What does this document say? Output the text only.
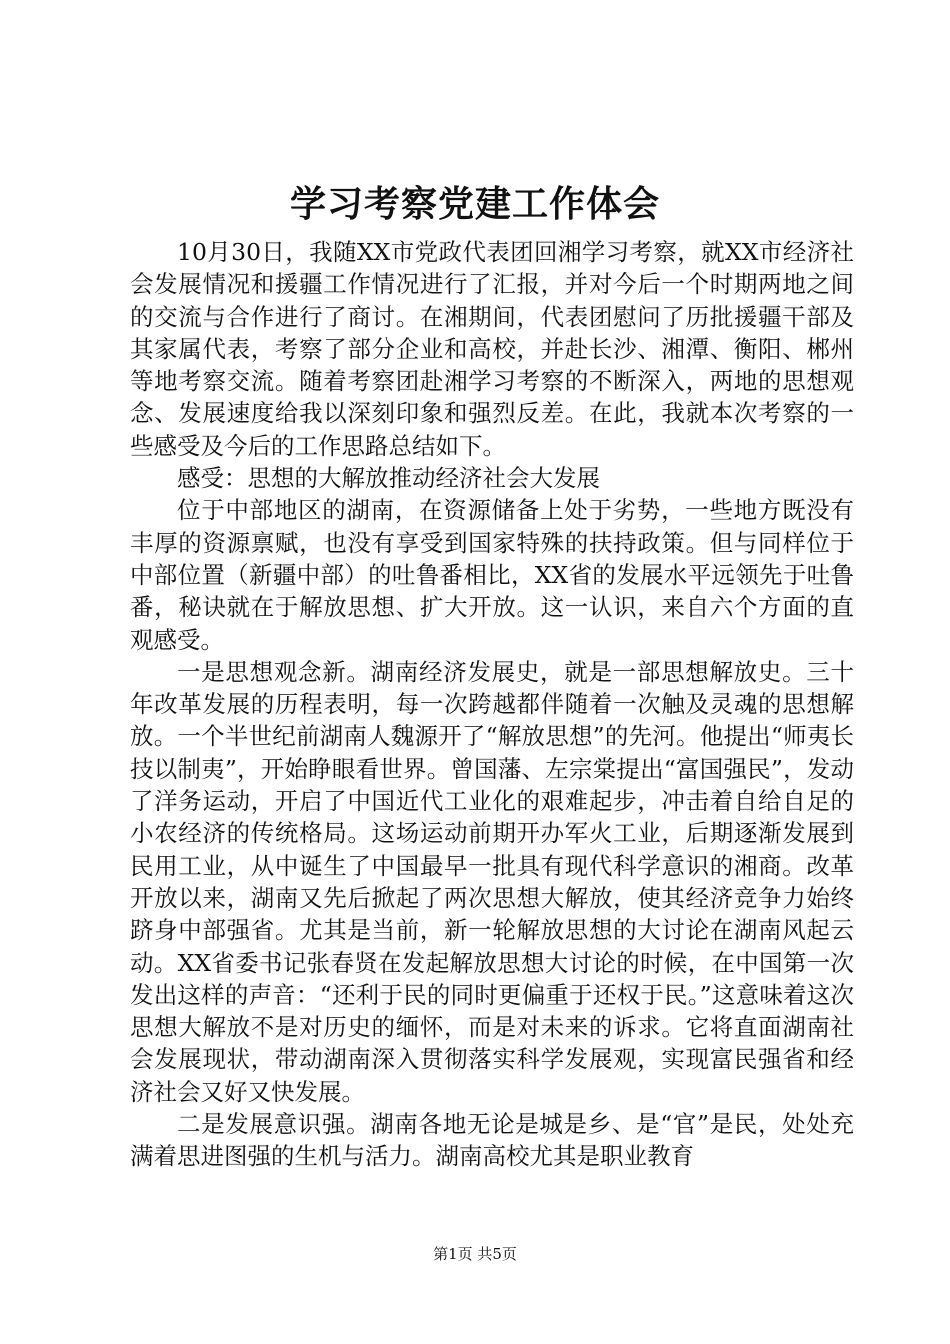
学习考察党建工作体会

10月30日，我随XX市党政代表团回湘学习考察，就XX市经济社会发展情况和援疆工作情况进行了汇报，并对今后一个时期两地之间的交流与合作进行了商讨。在湘期间，代表团慰问了历批援疆干部及其家属代表，考察了部分企业和高校，并赴长沙、湘潭、衡阳、郴州等地考察交流。随着考察团赴湘学习考察的不断深入，两地的思想观念、发展速度给我以深刻印象和强烈反差。在此，我就本次考察的一些感受及今后的工作思路总结如下。

感受：思想的大解放推动经济社会大发展

位于中部地区的湖南，在资源储备上处于劣势，一些地方既没有丰厚的资源禀赋，也没有享受到国家特殊的扶持政策。但与同样位于中部位置（新疆中部）的吐鲁番相比，XX省的发展水平远领先于吐鲁番，秘诀就在于解放思想、扩大开放。这一认识，来自六个方面的直观感受。

一是思想观念新。湖南经济发展史，就是一部思想解放史。三十年改革发展的历程表明，每一次跨越都伴随着一次触及灵魂的思想解放。一个半世纪前湖南人魏源开了“解放思想”的先河。他提出“师夷长技以制夷”，开始睁眼看世界。曾国藩、左宗棠提出“富国强民”，发动了洋务运动，开启了中国近代工业化的艰难起步，冲击着自给自足的小农经济的传统格局。这场运动前期开办军火工业，后期逐渐发展到民用工业，从中诞生了中国最早一批具有现代科学意识的湘商。改革开放以来，湖南又先后掀起了两次思想大解放，使其经济竞争力始终跻身中部强省。尤其是当前，新一轮解放思想的大讨论在湖南风起云动。XX省委书记张春贤在发起解放思想大讨论的时候，在中国第一次发出这样的声音：“还利于民的同时更偏重于还权于民。”这意味着这次思想大解放不是对历史的缅怀，而是对未来的诉求。它将直面湖南社会发展现状，带动湖南深入贯彻落实科学发展观，实现富民强省和经济社会又好又快发展。

二是发展意识强。湖南各地无论是城是乡、是“官”是民，处处充满着思进图强的生机与活力。湖南高校尤其是职业教育

第1页 共5页
